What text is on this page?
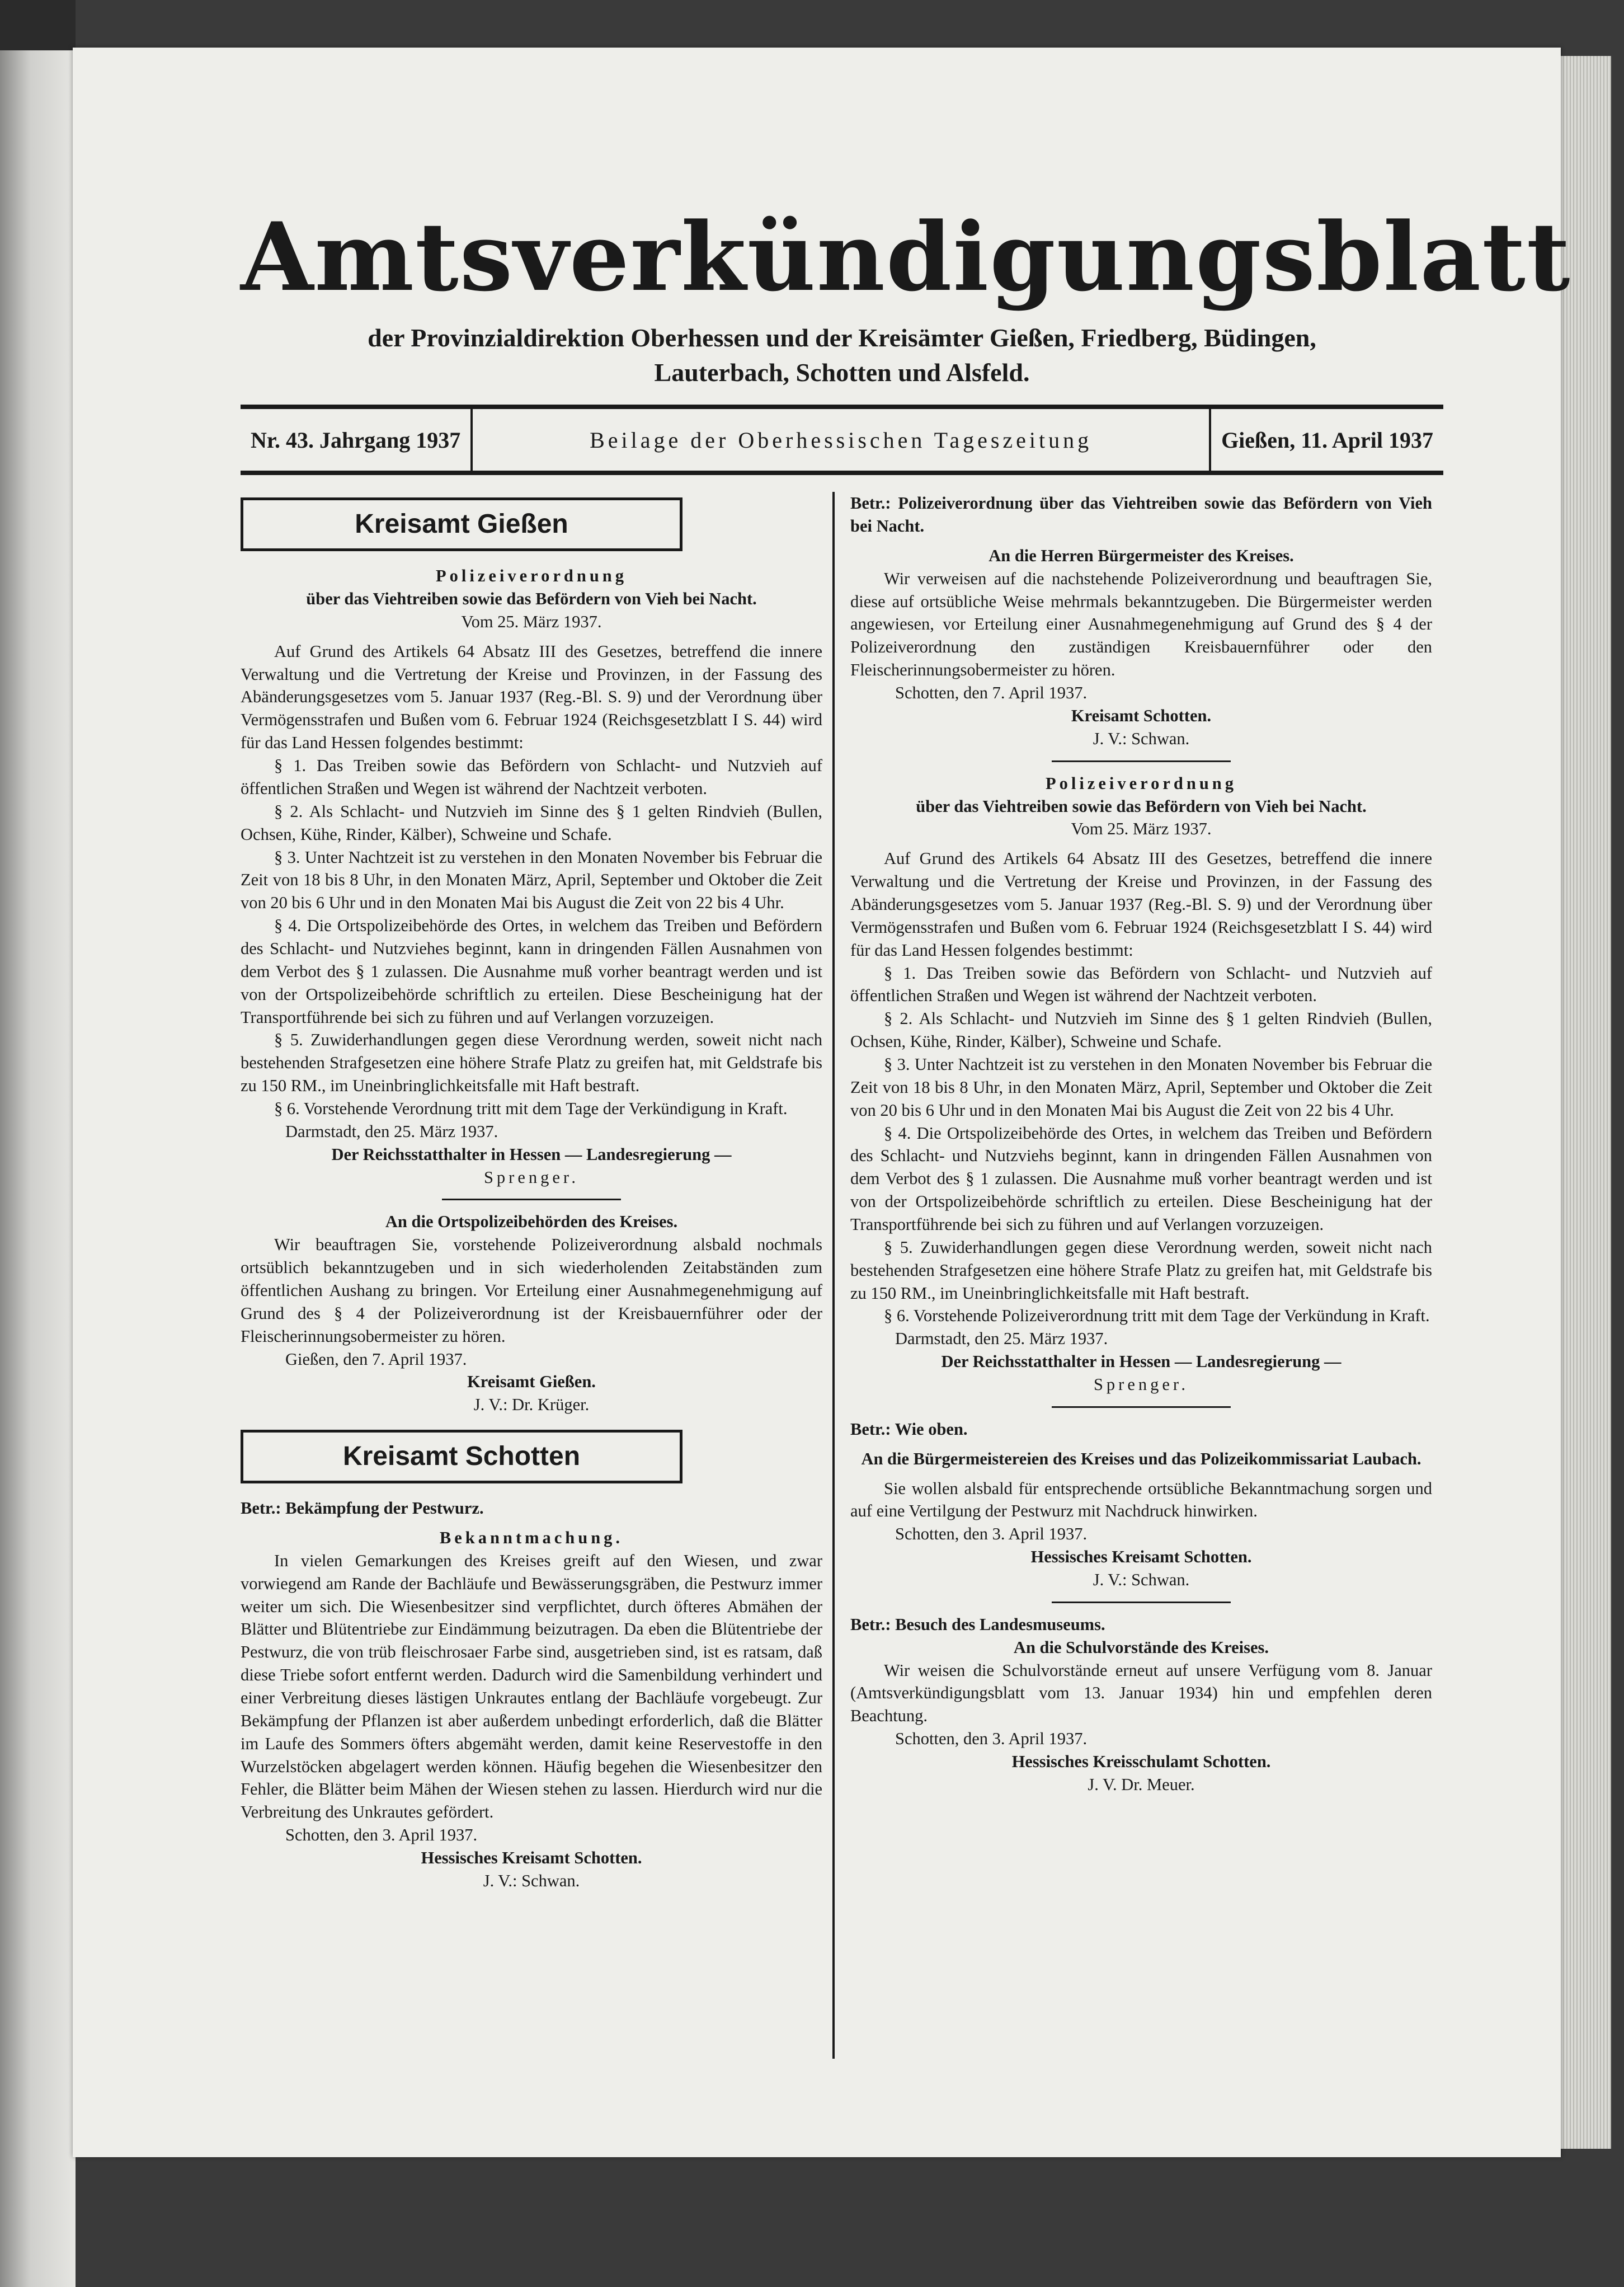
Amtsverkündigungsblatt
der Provinzialdirektion Oberhessen und der Kreisämter Gießen, Friedberg, Büdingen,
Lauterbach, Schotten und Alsfeld.
Nr. 43. Jahrgang 1937	Beilage der Oberhessischen Tageszeitung	Gießen, 11. April 1937
Kreisamt Gießen
Polizeiverordnung
über das Viehtreiben sowie das Befördern von Vieh bei Nacht.
Vom 25. März 1937.

Auf Grund des Artikels 64 Absatz III des Gesetzes, betreffend die innere Verwaltung und die Vertretung der Kreise und Provinzen, in der Fassung des Abänderungsgesetzes vom 5. Januar 1937 (Reg.-Bl. S. 9) und der Verordnung über Vermögensstrafen und Bußen vom 6. Februar 1924 (Reichsgesetzblatt I S. 44) wird für das Land Hessen folgendes bestimmt:

§ 1. Das Treiben sowie das Befördern von Schlacht- und Nutzvieh auf öffentlichen Straßen und Wegen ist während der Nachtzeit verboten.

§ 2. Als Schlacht- und Nutzvieh im Sinne des § 1 gelten Rindvieh (Bullen, Ochsen, Kühe, Rinder, Kälber), Schweine und Schafe.

§ 3. Unter Nachtzeit ist zu verstehen in den Monaten November bis Februar die Zeit von 18 bis 8 Uhr, in den Monaten März, April, September und Oktober die Zeit von 20 bis 6 Uhr und in den Monaten Mai bis August die Zeit von 22 bis 4 Uhr.

§ 4. Die Ortspolizeibehörde des Ortes, in welchem das Treiben und Befördern des Schlacht- und Nutzviehes beginnt, kann in dringenden Fällen Ausnahmen von dem Verbot des § 1 zulassen. Die Ausnahme muß vorher beantragt werden und ist von der Ortspolizeibehörde schriftlich zu erteilen. Diese Bescheinigung hat der Transportführende bei sich zu führen und auf Verlangen vorzuzeigen.

§ 5. Zuwiderhandlungen gegen diese Verordnung werden, soweit nicht nach bestehenden Strafgesetzen eine höhere Strafe Platz zu greifen hat, mit Geldstrafe bis zu 150 RM., im Uneinbringlichkeitsfalle mit Haft bestraft.

§ 6. Vorstehende Verordnung tritt mit dem Tage der Verkündigung in Kraft.

Darmstadt, den 25. März 1937.

Der Reichsstatthalter in Hessen — Landesregierung —
Sprenger.
An die Ortspolizeibehörden des Kreises.

Wir beauftragen Sie, vorstehende Polizeiverordnung alsbald nochmals ortsüblich bekanntzugeben und in sich wiederholenden Zeitabständen zum öffentlichen Aushang zu bringen. Vor Erteilung einer Ausnahmegenehmigung auf Grund des § 4 der Polizeiverordnung ist der Kreisbauernführer oder der Fleischerinnungsobermeister zu hören.

Gießen, den 7. April 1937.

Kreisamt Gießen.
J. V.: Dr. Krüger.
Kreisamt Schotten

Betr.: Bekämpfung der Pestwurz.

Bekanntmachung.

In vielen Gemarkungen des Kreises greift auf den Wiesen, und zwar vorwiegend am Rande der Bachläufe und Bewässerungsgräben, die Pestwurz immer weiter um sich. Die Wiesenbesitzer sind verpflichtet, durch öfteres Abmähen der Blätter und Blütentriebe zur Eindämmung beizutragen. Da eben die Blütentriebe der Pestwurz, die von trüb fleischrosaer Farbe sind, ausgetrieben sind, ist es ratsam, daß diese Triebe sofort entfernt werden. Dadurch wird die Samenbildung verhindert und einer Verbreitung dieses lästigen Unkrautes entlang der Bachläufe vorgebeugt. Zur Bekämpfung der Pflanzen ist aber außerdem unbedingt erforderlich, daß die Blätter im Laufe des Sommers öfters abgemäht werden, damit keine Reservestoffe in den Wurzelstöcken abgelagert werden können. Häufig begehen die Wiesenbesitzer den Fehler, die Blätter beim Mähen der Wiesen stehen zu lassen. Hierdurch wird nur die Verbreitung des Unkrautes gefördert.

Schotten, den 3. April 1937.

Hessisches Kreisamt Schotten.
J. V.: Schwan.

Betr.: Polizeiverordnung über das Viehtreiben sowie das Befördern von Vieh bei Nacht.

An die Herren Bürgermeister des Kreises.

Wir verweisen auf die nachstehende Polizeiverordnung und beauftragen Sie, diese auf ortsübliche Weise mehrmals bekanntzugeben. Die Bürgermeister werden angewiesen, vor Erteilung einer Ausnahmegenehmigung auf Grund des § 4 der Polizeiverordnung den zuständigen Kreisbauernführer oder den Fleischerinnungsobermeister zu hören.

Schotten, den 7. April 1937.

Kreisamt Schotten.
J. V.: Schwan.
Polizeiverordnung
über das Viehtreiben sowie das Befördern von Vieh bei Nacht.
Vom 25. März 1937.

Auf Grund des Artikels 64 Absatz III des Gesetzes, betreffend die innere Verwaltung und die Vertretung der Kreise und Provinzen, in der Fassung des Abänderungsgesetzes vom 5. Januar 1937 (Reg.-Bl. S. 9) und der Verordnung über Vermögensstrafen und Bußen vom 6. Februar 1924 (Reichsgesetzblatt I S. 44) wird für das Land Hessen folgendes bestimmt:

§ 1. Das Treiben sowie das Befördern von Schlacht- und Nutzvieh auf öffentlichen Straßen und Wegen ist während der Nachtzeit verboten.

§ 2. Als Schlacht- und Nutzvieh im Sinne des § 1 gelten Rindvieh (Bullen, Ochsen, Kühe, Rinder, Kälber), Schweine und Schafe.

§ 3. Unter Nachtzeit ist zu verstehen in den Monaten November bis Februar die Zeit von 18 bis 8 Uhr, in den Monaten März, April, September und Oktober die Zeit von 20 bis 6 Uhr und in den Monaten Mai bis August die Zeit von 22 bis 4 Uhr.

§ 4. Die Ortspolizeibehörde des Ortes, in welchem das Treiben und Befördern des Schlacht- und Nutzviehs beginnt, kann in dringenden Fällen Ausnahmen von dem Verbot des § 1 zulassen. Die Ausnahme muß vorher beantragt werden und ist von der Ortspolizeibehörde schriftlich zu erteilen. Diese Bescheinigung hat der Transportführende bei sich zu führen und auf Verlangen vorzuzeigen.

§ 5. Zuwiderhandlungen gegen diese Verordnung werden, soweit nicht nach bestehenden Strafgesetzen eine höhere Strafe Platz zu greifen hat, mit Geldstrafe bis zu 150 RM., im Uneinbringlichkeitsfalle mit Haft bestraft.

§ 6. Vorstehende Polizeiverordnung tritt mit dem Tage der Verkündung in Kraft.

Darmstadt, den 25. März 1937.

Der Reichsstatthalter in Hessen — Landesregierung —
Sprenger.

Betr.: Wie oben.

An die Bürgermeistereien des Kreises und das Polizeikommissariat Laubach.

Sie wollen alsbald für entsprechende ortsübliche Bekanntmachung sorgen und auf eine Vertilgung der Pestwurz mit Nachdruck hinwirken.

Schotten, den 3. April 1937.

Hessisches Kreisamt Schotten.
J. V.: Schwan.

Betr.: Besuch des Landesmuseums.

An die Schulvorstände des Kreises.

Wir weisen die Schulvorstände erneut auf unsere Verfügung vom 8. Januar (Amtsverkündigungsblatt vom 13. Januar 1934) hin und empfehlen deren Beachtung.

Schotten, den 3. April 1937.

Hessisches Kreisschulamt Schotten.
J. V. Dr. Meuer.
